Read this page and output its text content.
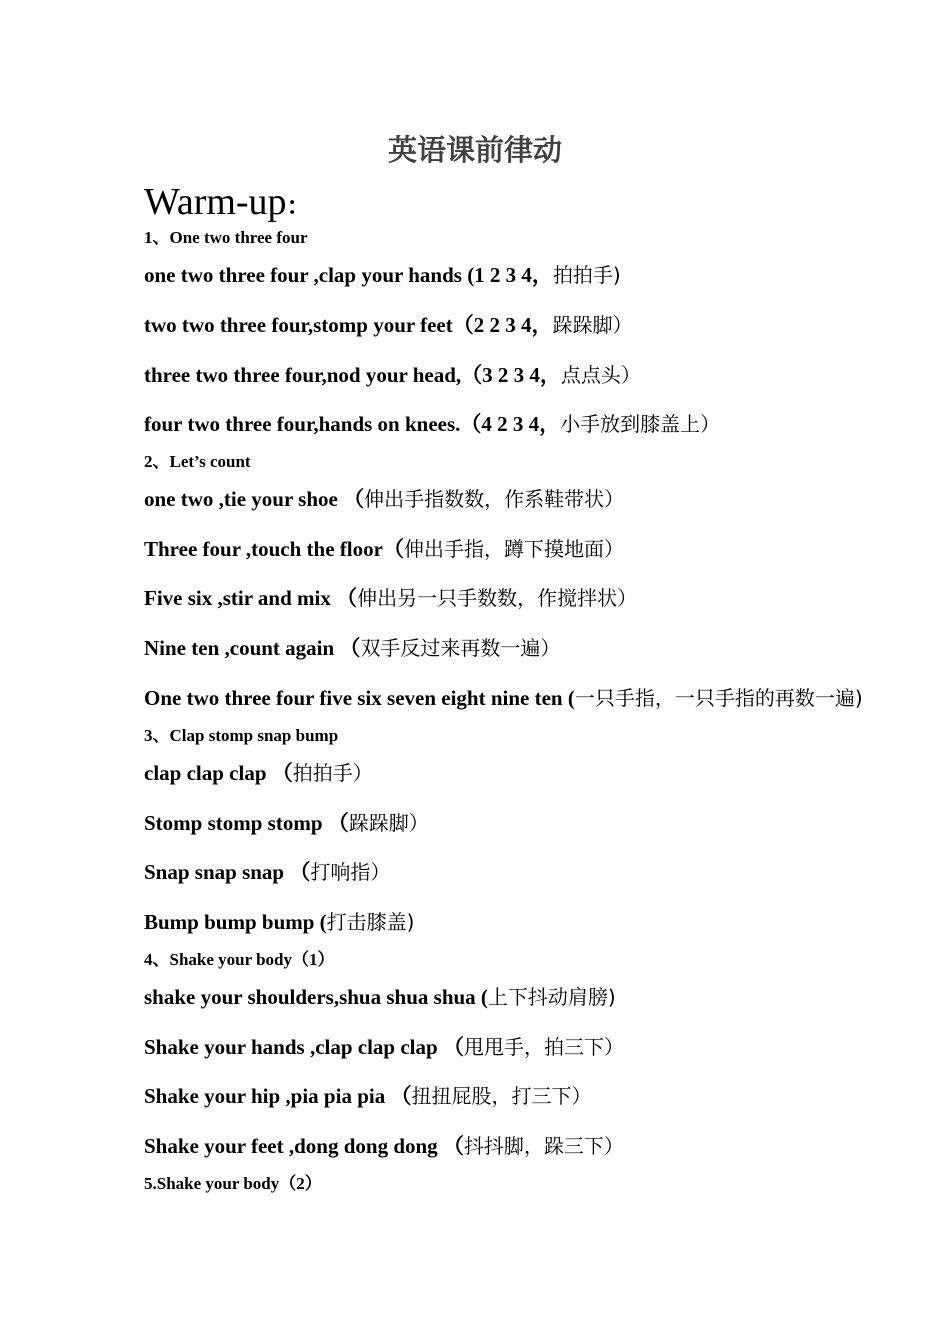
英语课前律动
Warm-up：
1、One two three four
one two three four ,clap your hands (1 2 3 4，拍拍手)
two two three four,stomp your feet（2 2 3 4，跺跺脚）
three two three four,nod your head,（3 2 3 4，点点头）
four two three four,hands on knees.（4 2 3 4，小手放到膝盖上）
2、Let’s count
one two ,tie your shoe （伸出手指数数，作系鞋带状）
Three four ,touch the floor（伸出手指，蹲下摸地面）
Five six ,stir and mix （伸出另一只手数数，作搅拌状）
Nine ten ,count again （双手反过来再数一遍）
One two three four five six seven eight nine ten (一只手指，一只手指的再数一遍)
3、Clap stomp snap bump
clap clap clap （拍拍手）
Stomp stomp stomp （跺跺脚）
Snap snap snap （打响指）
Bump bump bump (打击膝盖)
4、Shake your body（1）
shake your shoulders,shua shua shua (上下抖动肩膀)
Shake your hands ,clap clap clap （甩甩手，拍三下）
Shake your hip ,pia pia pia （扭扭屁股，打三下）
Shake your feet ,dong dong dong （抖抖脚，跺三下）
5.Shake your body（2）
